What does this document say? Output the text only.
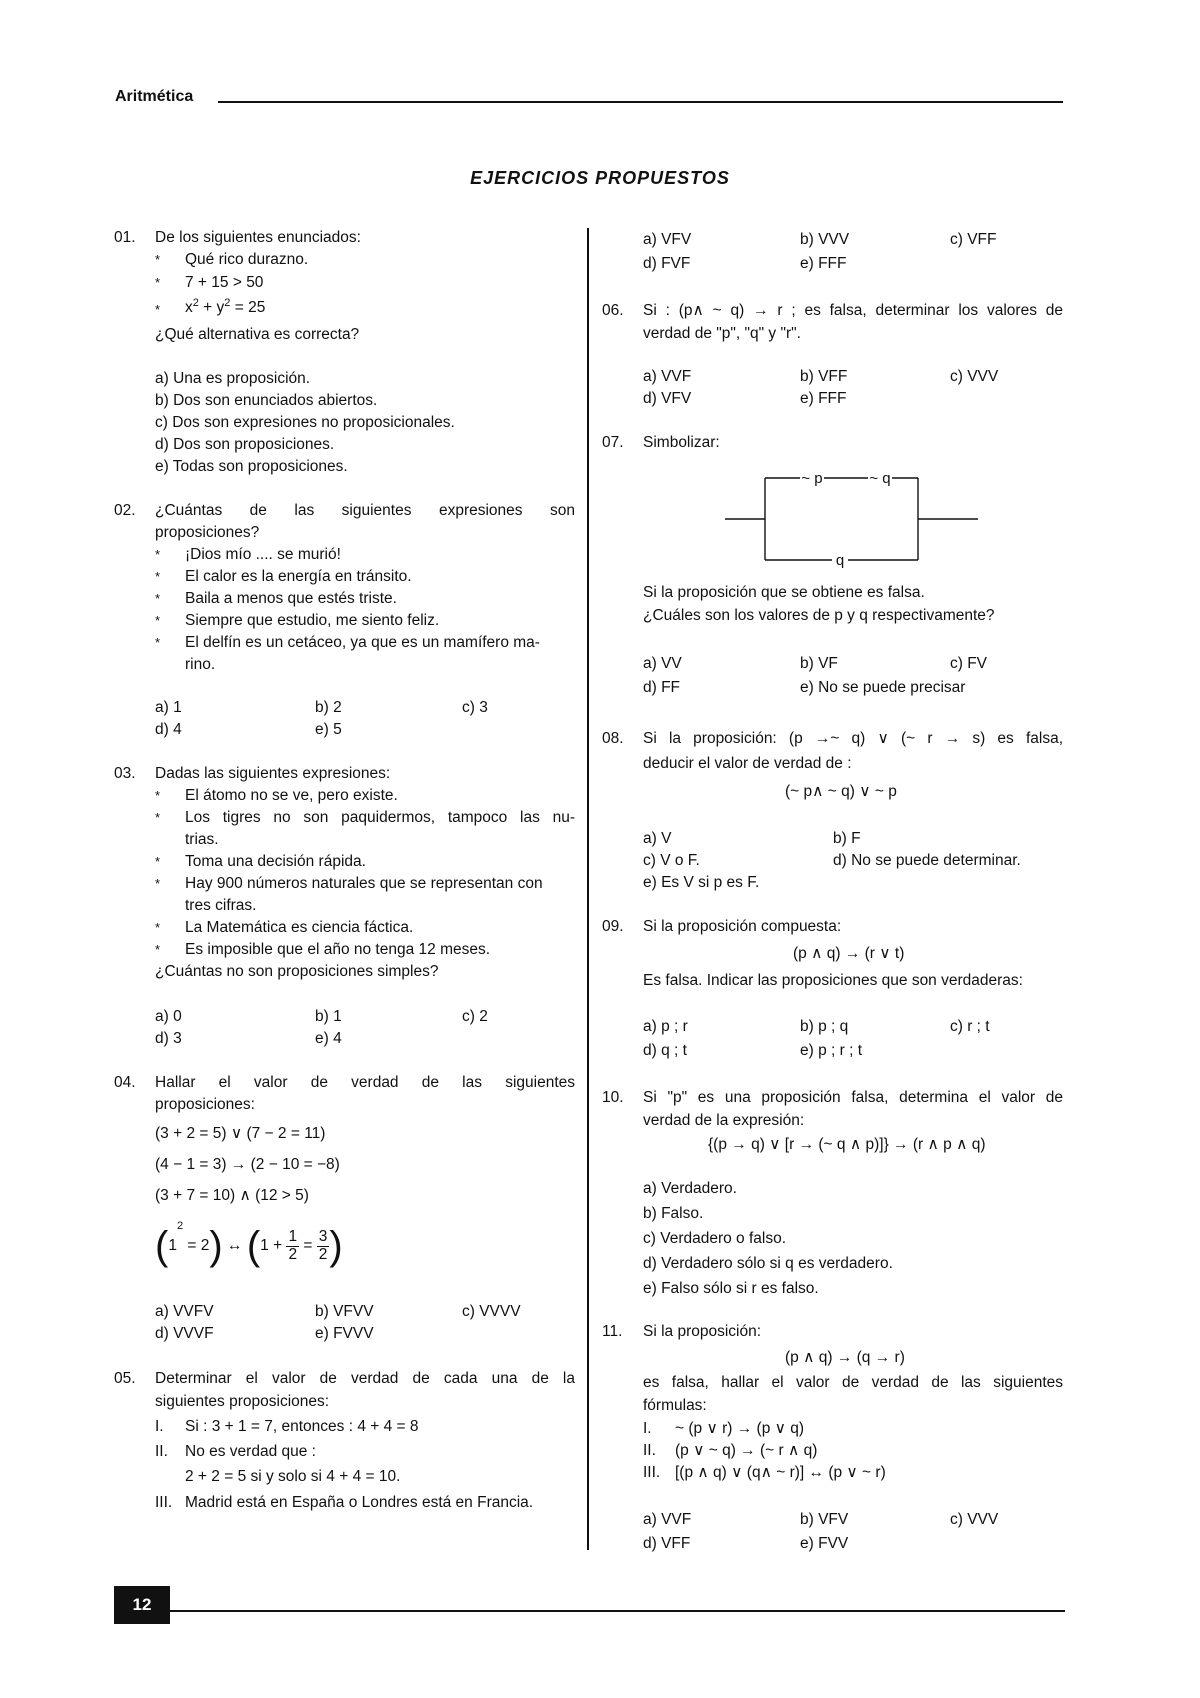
Aritmética
EJERCICIOS PROPUESTOS
01. De los siguientes enunciados:
* Qué rico durazno.
* 7 + 15 > 50
* $x^2 + y^2 = 25$
¿Qué alternativa es correcta?
a) Una es proposición.
b) Dos son enunciados abiertos.
c) Dos son expresiones no proposicionales.
d) Dos son proposiciones.
e) Todas son proposiciones.
02. ¿Cuántas de las siguientes expresiones son
proposiciones?
* ¡Dios mío .... se murió!
* El calor es la energía en tránsito.
* Baila a menos que estés triste.
* Siempre que estudio, me siento feliz.
* El delfín es un cetáceo, ya que es un mamífero ma-
rino.
a) 1	b) 2	c) 3
d) 4	e) 5
03. Dadas las siguientes expresiones:
* El átomo no se ve, pero existe.
* Los tigres no son paquidermos, tampoco las nu-
trias.
* Toma una decisión rápida.
* Hay 900 números naturales que se representan con
tres cifras.
* La Matemática es ciencia fáctica.
* Es imposible que el año no tenga 12 meses.
¿Cuántas no son proposiciones simples?
a) 0	b) 1	c) 2
d) 3	e) 4
04. Hallar el valor de verdad de las siguientes
proposiciones:
(3 + 2 = 5) ∨ (7 − 2 = 11)
(4 − 1 = 3) → (2 − 10 = −8)
(3 + 7 = 10) ∧ (12 > 5)
$(1^2 = 2)$ ↔ ($1 + \frac{1}{2} = \frac{3}{2}$ )
a) VVFV	b) VFVV	c) VVVV
d) VVVF	e) FVVV
05. Determinar el valor de verdad de cada una de la
siguientes proposiciones:
I. Si : 3 + 1 = 7, entonces : 4 + 4 = 8
II. No es verdad que :
2 + 2 = 5 si y solo si 4 + 4 = 10.
III. Madrid está en España o Londres está en Francia.
a) VFV	b) VVV	c) VFF
d) FVF	e) FFF
06. Si : (p∧ ~ q) → r ; es falsa, determinar los valores de
verdad de "p", "q" y "r".
a) VVF	b) VFF	c) VVV
d) VFV	e) FFF
07. Simbolizar:
~ p	~ q
q
Si la proposición que se obtiene es falsa.
¿Cuáles son los valores de p y q respectivamente?
a) VV	b) VF	c) FV
d) FF	e) No se puede precisar
08. Si la proposición: (p →~ q) ∨ (~ r → s) es falsa,
deducir el valor de verdad de :
(~ p∧ ~ q) ∨ ~ p
a) V	b) F
c) V o F.	d) No se puede determinar.
e) Es V si p es F.
09. Si la proposición compuesta:
(p ∧ q) → (r ∨ t)
Es falsa. Indicar las proposiciones que son verdaderas:
a) p ; r	b) p ; q	c) r ; t
d) q ; t	e) p ; r ; t
10. Si "p" es una proposición falsa, determina el valor de
verdad de la expresión:
{(p → q) ∨ [r → (~ q ∧ p)]} → (r ∧ p ∧ q)
a) Verdadero.
b) Falso.
c) Verdadero o falso.
d) Verdadero sólo si q es verdadero.
e) Falso sólo si r es falso.
11. Si la proposición:
(p ∧ q) → (q → r)
es falsa, hallar el valor de verdad de las siguientes
fórmulas:
I. ~ (p ∨ r) → (p ∨ q)
II. (p ∨ ~ q) → (~ r ∧ q)
III. [(p ∧ q) ∨ (q∧ ~ r)] ↔ (p ∨ ~ r)
a) VVF	b) VFV	c) VVV
d) VFF	e) FVV
12
